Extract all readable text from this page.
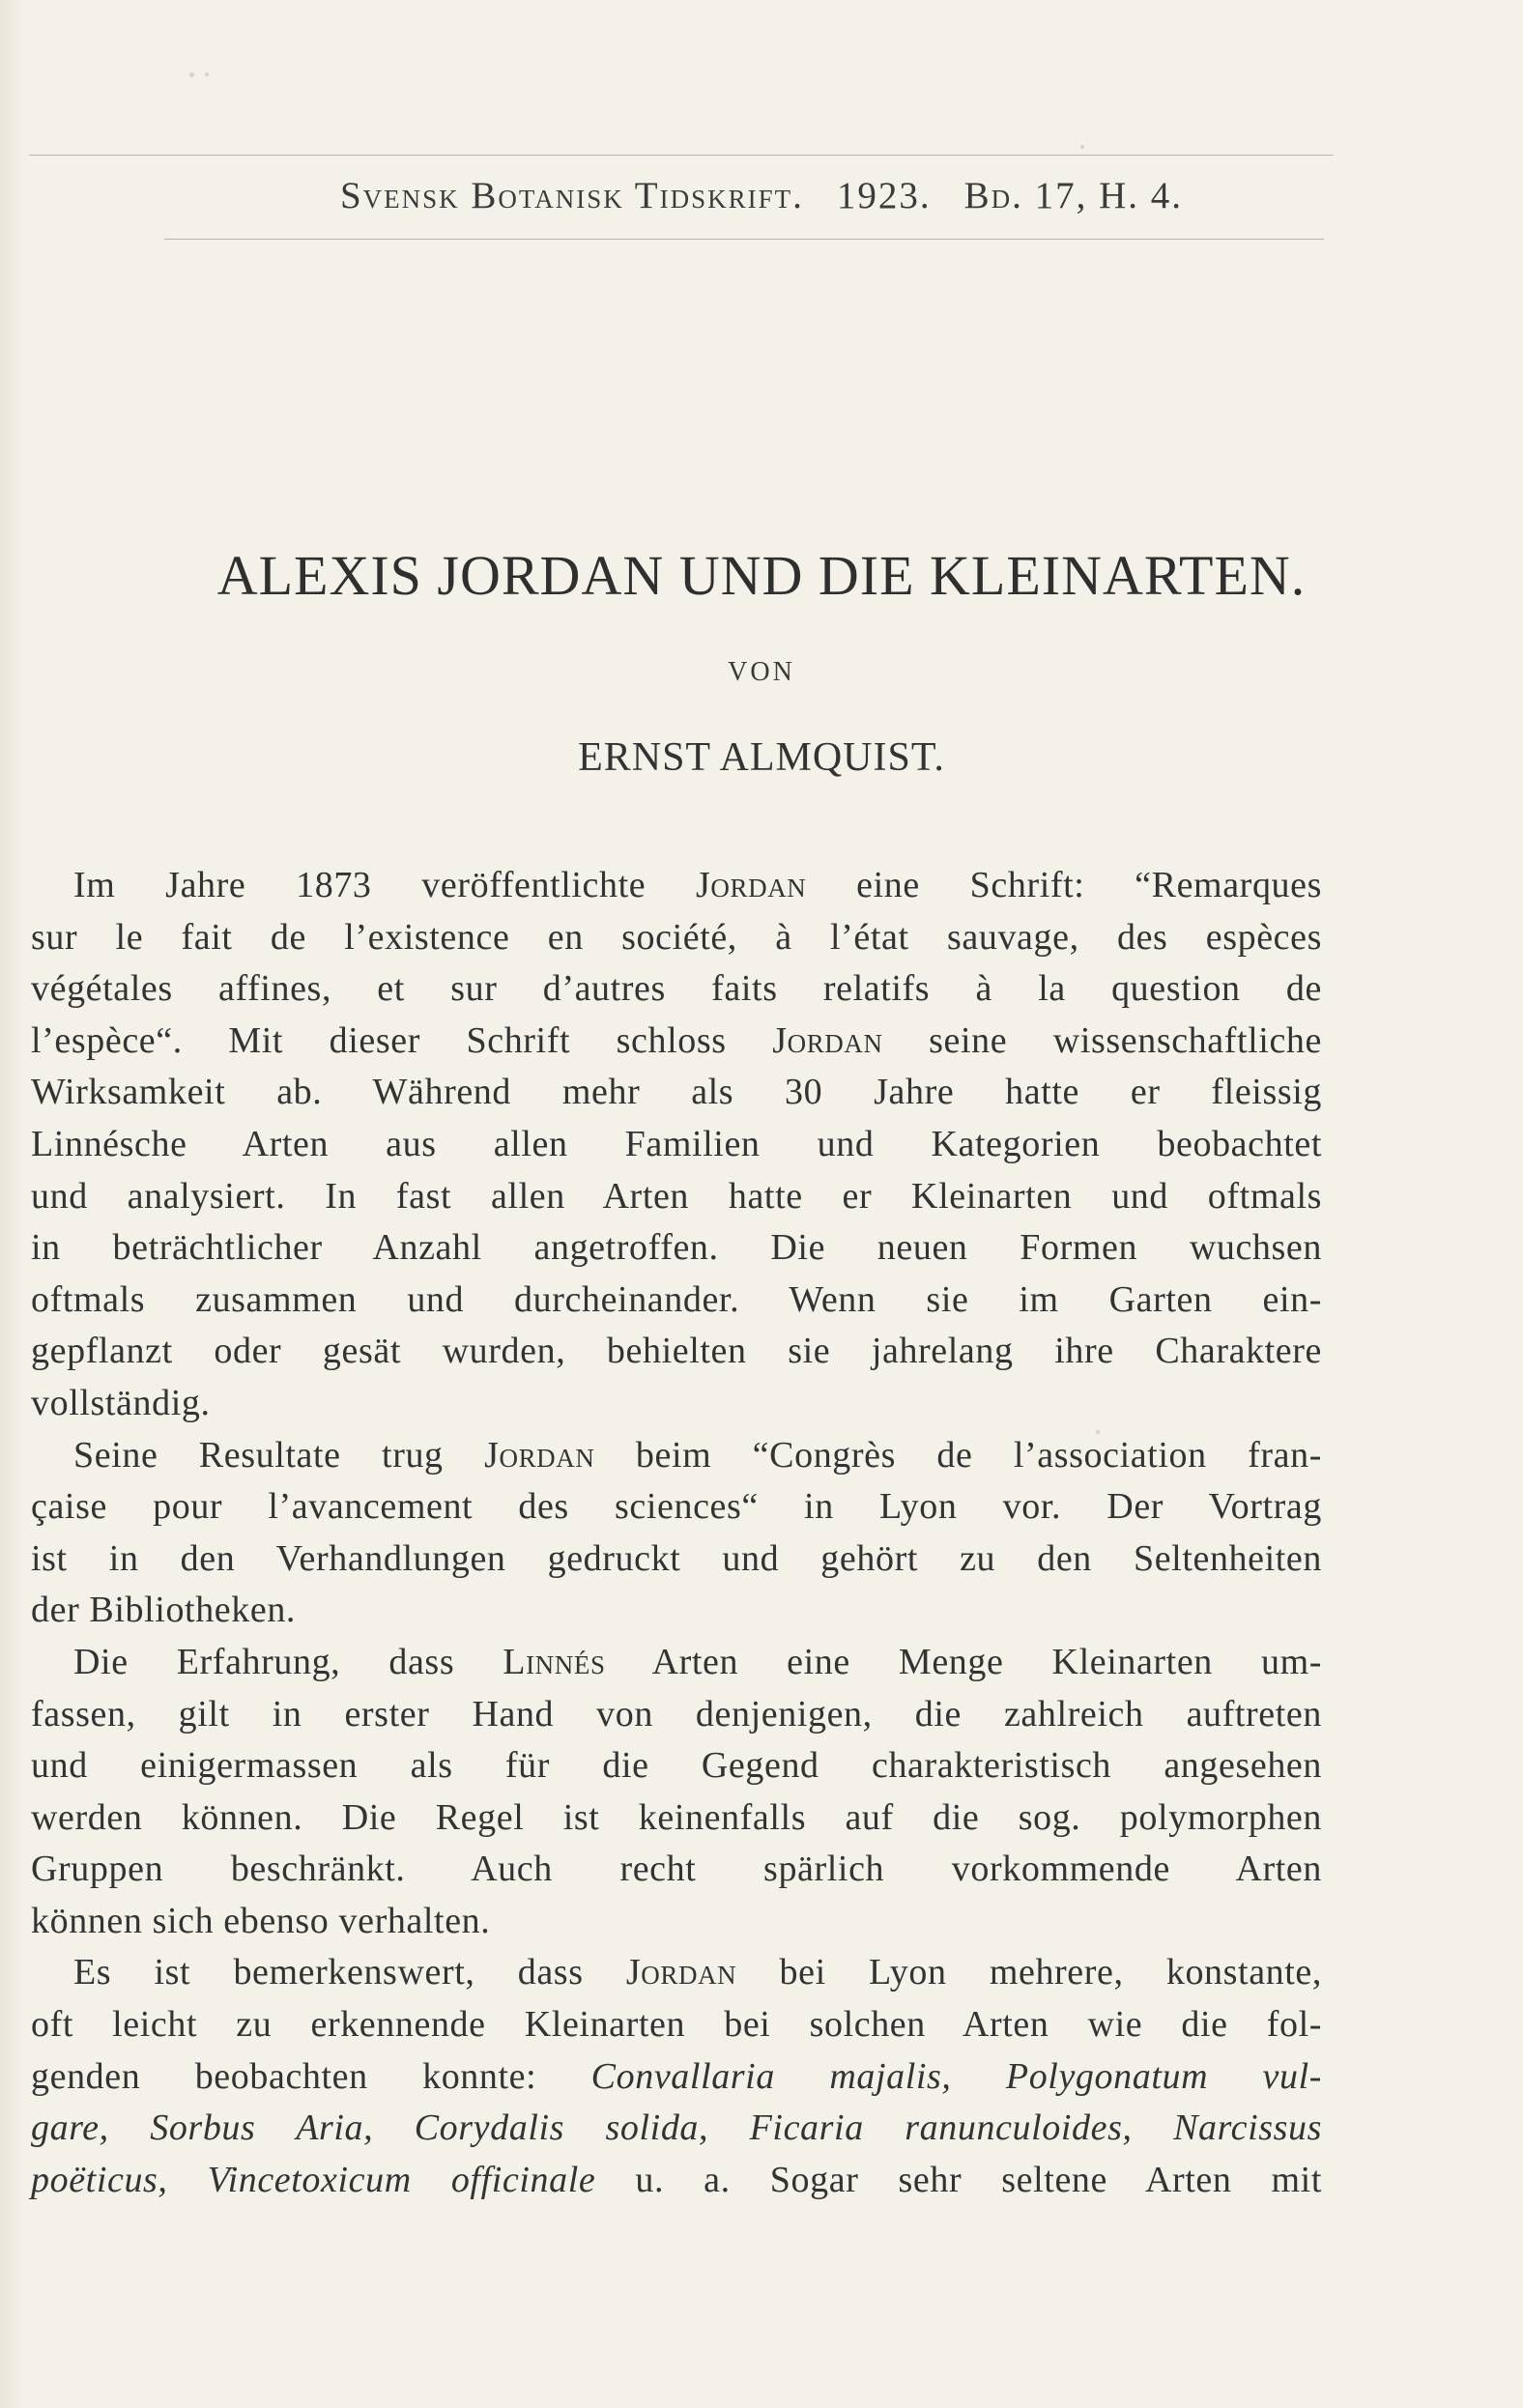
Svensk Botanisk Tidskrift. 1923. Bd. 17, H. 4.
ALEXIS JORDAN UND DIE KLEINARTEN.
VON
ERNST ALMQUIST.
Im Jahre 1873 veröffentlichte Jordan eine Schrift: “Remarques
sur le fait de l’existence en société, à l’état sauvage, des espèces
végétales affines, et sur d’autres faits relatifs à la question de
l’espèce“. Mit dieser Schrift schloss Jordan seine wissenschaftliche
Wirksamkeit ab. Während mehr als 30 Jahre hatte er fleissig
Linnésche Arten aus allen Familien und Kategorien beobachtet
und analysiert. In fast allen Arten hatte er Kleinarten und oftmals
in beträchtlicher Anzahl angetroffen. Die neuen Formen wuchsen
oftmals zusammen und durcheinander. Wenn sie im Garten ein-
gepflanzt oder gesät wurden, behielten sie jahrelang ihre Charaktere
vollständig.
Seine Resultate trug Jordan beim “Congrès de l’association fran-
çaise pour l’avancement des sciences“ in Lyon vor. Der Vortrag
ist in den Verhandlungen gedruckt und gehört zu den Seltenheiten
der Bibliotheken.
Die Erfahrung, dass Linnés Arten eine Menge Kleinarten um-
fassen, gilt in erster Hand von denjenigen, die zahlreich auftreten
und einigermassen als für die Gegend charakteristisch angesehen
werden können. Die Regel ist keinenfalls auf die sog. polymorphen
Gruppen beschränkt. Auch recht spärlich vorkommende Arten
können sich ebenso verhalten.
Es ist bemerkenswert, dass Jordan bei Lyon mehrere, konstante,
oft leicht zu erkennende Kleinarten bei solchen Arten wie die fol-
genden beobachten konnte: Convallaria majalis, Polygonatum vul-
gare, Sorbus Aria, Corydalis solida, Ficaria ranunculoides, Narcissus
poëticus, Vincetoxicum officinale u. a. Sogar sehr seltene Arten mit
